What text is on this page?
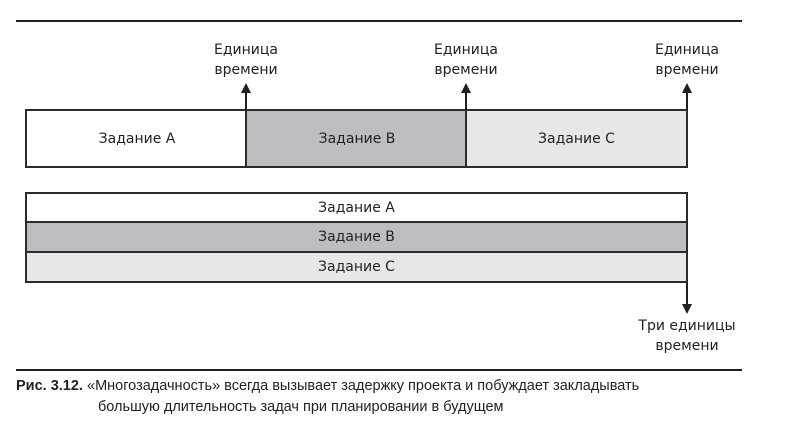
Задание A	Задание B	Задание C
Единица
времени
Единица
времени
Единица
времени
Задание A
Задание B
Задание C
Три единицы
времени
Рис. 3.12. «Многозадачность» всегда вызывает задержку проекта и побуждает закладывать
большую длительность задач при планировании в будущем
